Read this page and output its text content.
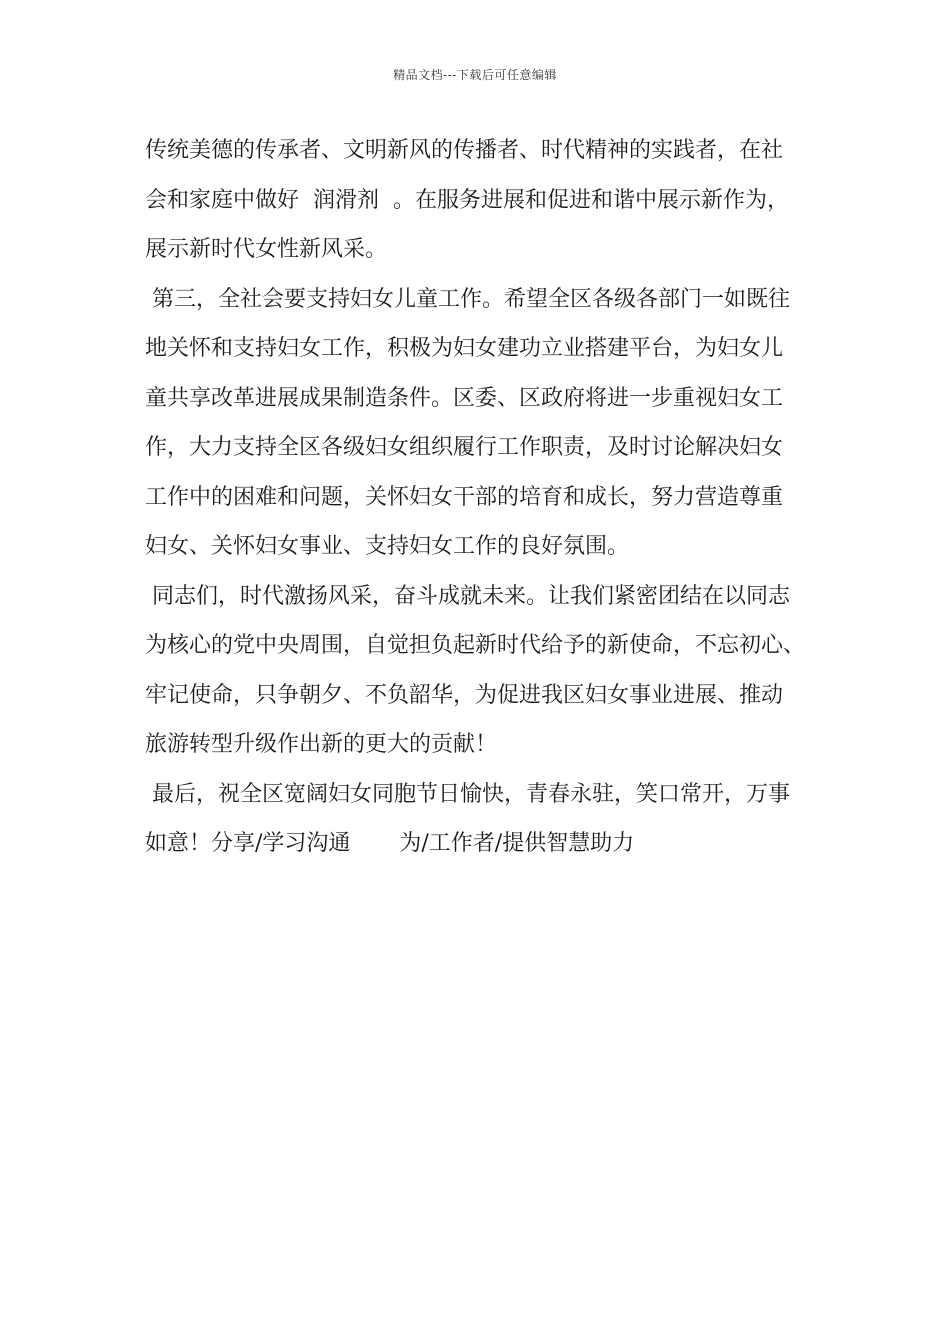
精品文档---下载后可任意编辑
传统美德的传承者、文明新风的传播者、时代精神的实践者，在社
会和家庭中做好  润滑剂  。在服务进展和促进和谐中展示新作为，
展示新时代女性新风采。
第三，全社会要支持妇女儿童工作。希望全区各级各部门一如既往
地关怀和支持妇女工作，积极为妇女建功立业搭建平台，为妇女儿
童共享改革进展成果制造条件。区委、区政府将进一步重视妇女工
作，大力支持全区各级妇女组织履行工作职责，及时讨论解决妇女
工作中的困难和问题，关怀妇女干部的培育和成长，努力营造尊重
妇女、关怀妇女事业、支持妇女工作的良好氛围。
同志们，时代激扬风采，奋斗成就未来。让我们紧密团结在以同志
为核心的党中央周围，自觉担负起新时代给予的新使命，不忘初心、
牢记使命，只争朝夕、不负韶华，为促进我区妇女事业进展、推动
旅游转型升级作出新的更大的贡献！
最后，祝全区宽阔妇女同胞节日愉快，青春永驻，笑口常开，万事
如意！分享/学习沟通       为/工作者/提供智慧助力
